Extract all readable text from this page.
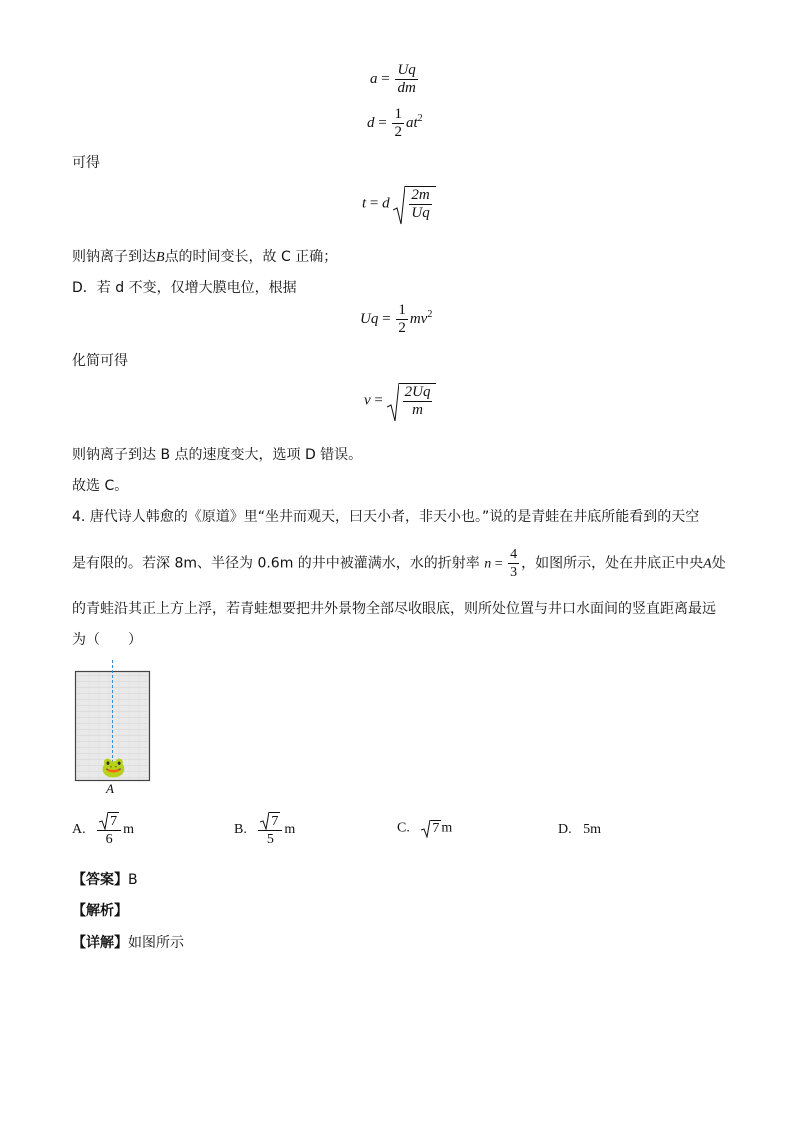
$a = \frac{Uq}{dm}$
$d = \frac{1}{2} at^2$
可得
t = d $\frac{2m}{Uq}$
则钠离子到达B点的时间变长，故 C 正确；
D．若 d 不变，仅增大膜电位，根据
$Uq = \frac{1}{2} mv^2$
化简可得
$v = \frac{2Uq}{m}$
则钠离子到达 B 点的速度变大，选项 D 错误。
故选 C。
4. 唐代诗人韩愈的《原道》里“坐井而观天，曰天小者，非天小也。”说的是青蛙在井底所能看到的天空
是有限的。若深 8m、半径为 0.6m 的井中被灌满水，水的折射率 $n = \frac{4}{3}$ ，如图所示，处在井底正中央A处
的青蛙沿其正上方上浮，若青蛙想要把井外景物全部尽收眼底，则所处位置与井口水面间的竖直距离最远
为（　　）
🐸
A
A. $\frac{7}{6}$ m	B. $\frac{7}{5}$ m	C. 7 m	D. 5m
【答案】B
【解析】
【详解】如图所示
